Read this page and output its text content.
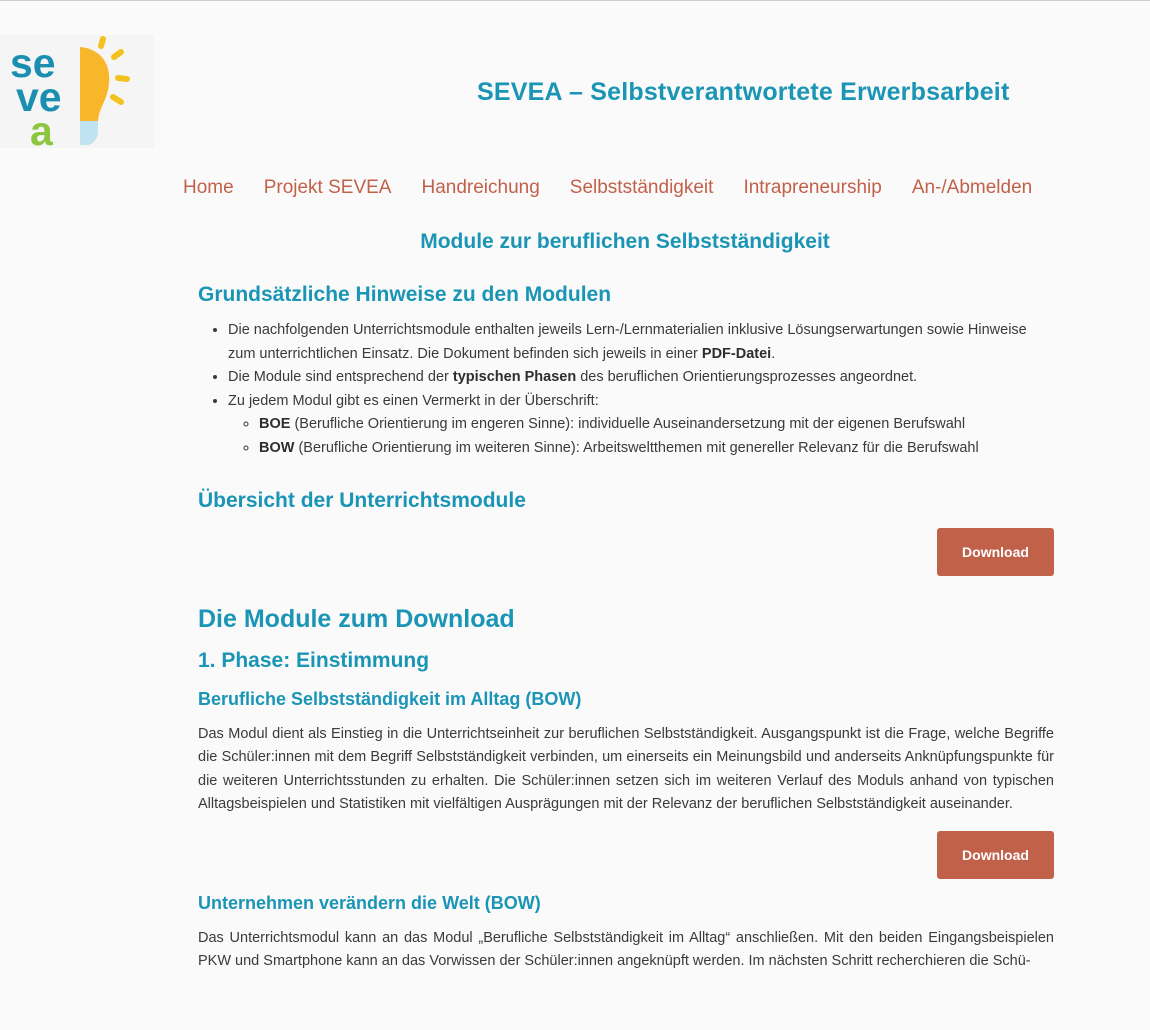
se
ve
a
SEVEA – Selbstverantwortete Erwerbsarbeit
Home Projekt SEVEA Handreichung Selbstständigkeit Intrapreneurship An-/Abmelden
Module zur beruflichen Selbstständigkeit
Grundsätzliche Hinweise zu den Modulen
• Die nachfolgenden Unterrichtsmodule enthalten jeweils Lern-/Lernmaterialien inklusive Lösungserwartungen sowie Hinweise zum unterrichtlichen Einsatz. Die Dokument befinden sich jeweils in einer PDF-Datei.
• Die Module sind entsprechend der typischen Phasen des beruflichen Orientierungsprozesses angeordnet.
• Zu jedem Modul gibt es einen Vermerkt in der Überschrift:
◦ BOE (Berufliche Orientierung im engeren Sinne): individuelle Auseinandersetzung mit der eigenen Berufswahl
◦ BOW (Berufliche Orientierung im weiteren Sinne): Arbeitsweltthemen mit genereller Relevanz für die Berufswahl
Übersicht der Unterrichtsmodule
Download
Die Module zum Download
1. Phase: Einstimmung
Berufliche Selbstständigkeit im Alltag (BOW)

Das Modul dient als Einstieg in die Unterrichtseinheit zur beruflichen Selbstständigkeit. Ausgangspunkt ist die Frage, welche Begriffe die Schüler:innen mit dem Begriff Selbstständigkeit verbinden, um einerseits ein Meinungsbild und anderseits Anknüpfungspunkte für die weiteren Unterrichtsstunden zu erhalten. Die Schüler:innen setzen sich im weiteren Verlauf des Moduls anhand von typischen Alltagsbeispielen und Statistiken mit vielfältigen Ausprägungen mit der Relevanz der beruflichen Selbstständigkeit auseinander.

Download
Unternehmen verändern die Welt (BOW)

Das Unterrichtsmodul kann an das Modul „Berufliche Selbstständigkeit im Alltag“ anschließen. Mit den beiden Eingangsbeispielen PKW und Smartphone kann an das Vorwissen der Schüler:innen angeknüpft werden. Im nächsten Schritt recherchieren die Schü-
